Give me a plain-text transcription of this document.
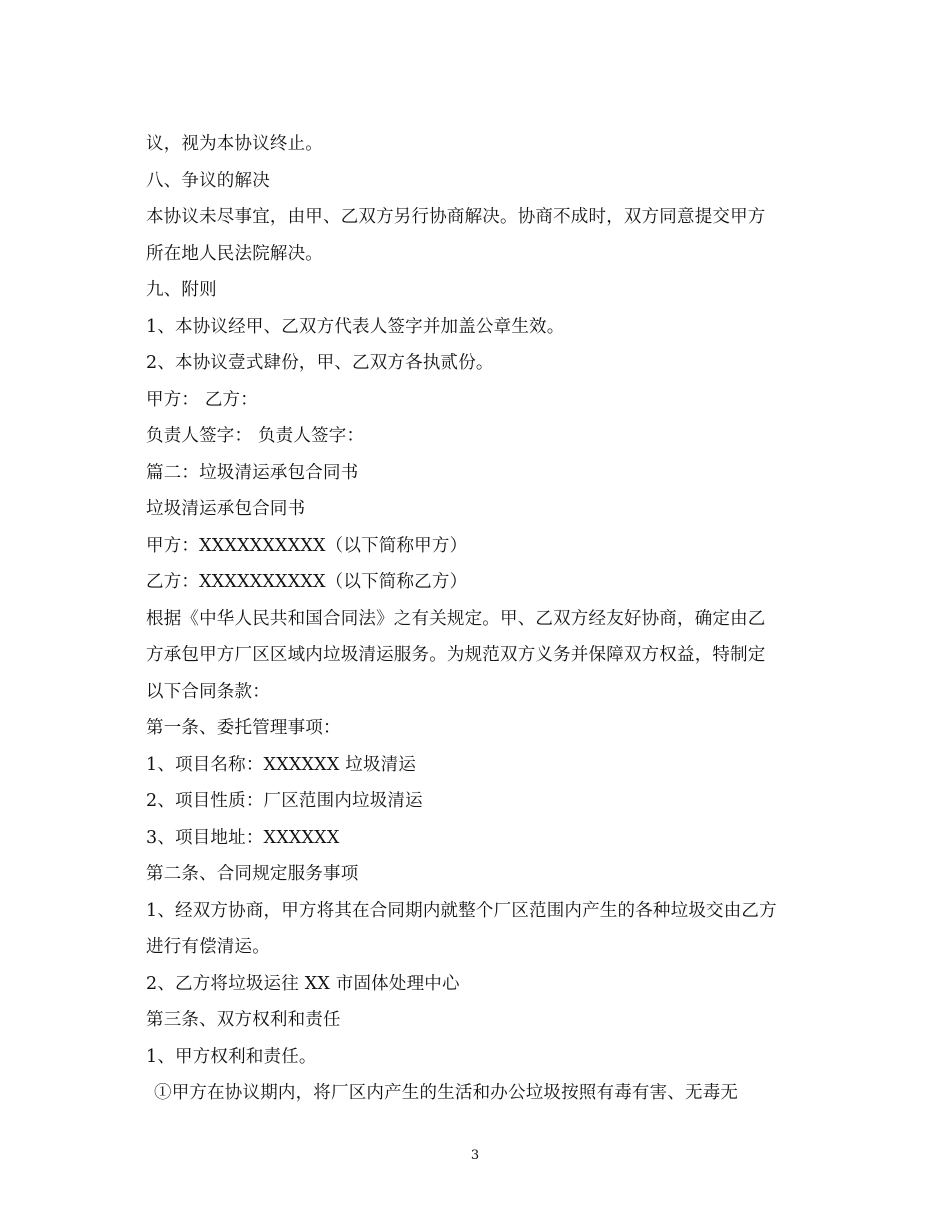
议，视为本协议终止。
八、争议的解决
本协议未尽事宜，由甲、乙双方另行协商解决。协商不成时，双方同意提交甲方
所在地人民法院解决。
九、附则
1、本协议经甲、乙双方代表人签字并加盖公章生效。
2、本协议壹式肆份，甲、乙双方各执贰份。
甲方： 乙方：
负责人签字： 负责人签字：
篇二：垃圾清运承包合同书
垃圾清运承包合同书
甲方：XXXXXXXXXX（以下简称甲方）
乙方：XXXXXXXXXX（以下简称乙方）
根据《中华人民共和国合同法》之有关规定。甲、乙双方经友好协商，确定由乙
方承包甲方厂区区域内垃圾清运服务。为规范双方义务并保障双方权益，特制定
以下合同条款：
第一条、委托管理事项：
1、项目名称：XXXXXX 垃圾清运
2、项目性质：厂区范围内垃圾清运
3、项目地址：XXXXXX
第二条、合同规定服务事项
1、经双方协商，甲方将其在合同期内就整个厂区范围内产生的各种垃圾交由乙方
进行有偿清运。
2、乙方将垃圾运往 XX 市固体处理中心
第三条、双方权利和责任
1、甲方权利和责任。
①甲方在协议期内，将厂区内产生的生活和办公垃圾按照有毒有害、无毒无
3
